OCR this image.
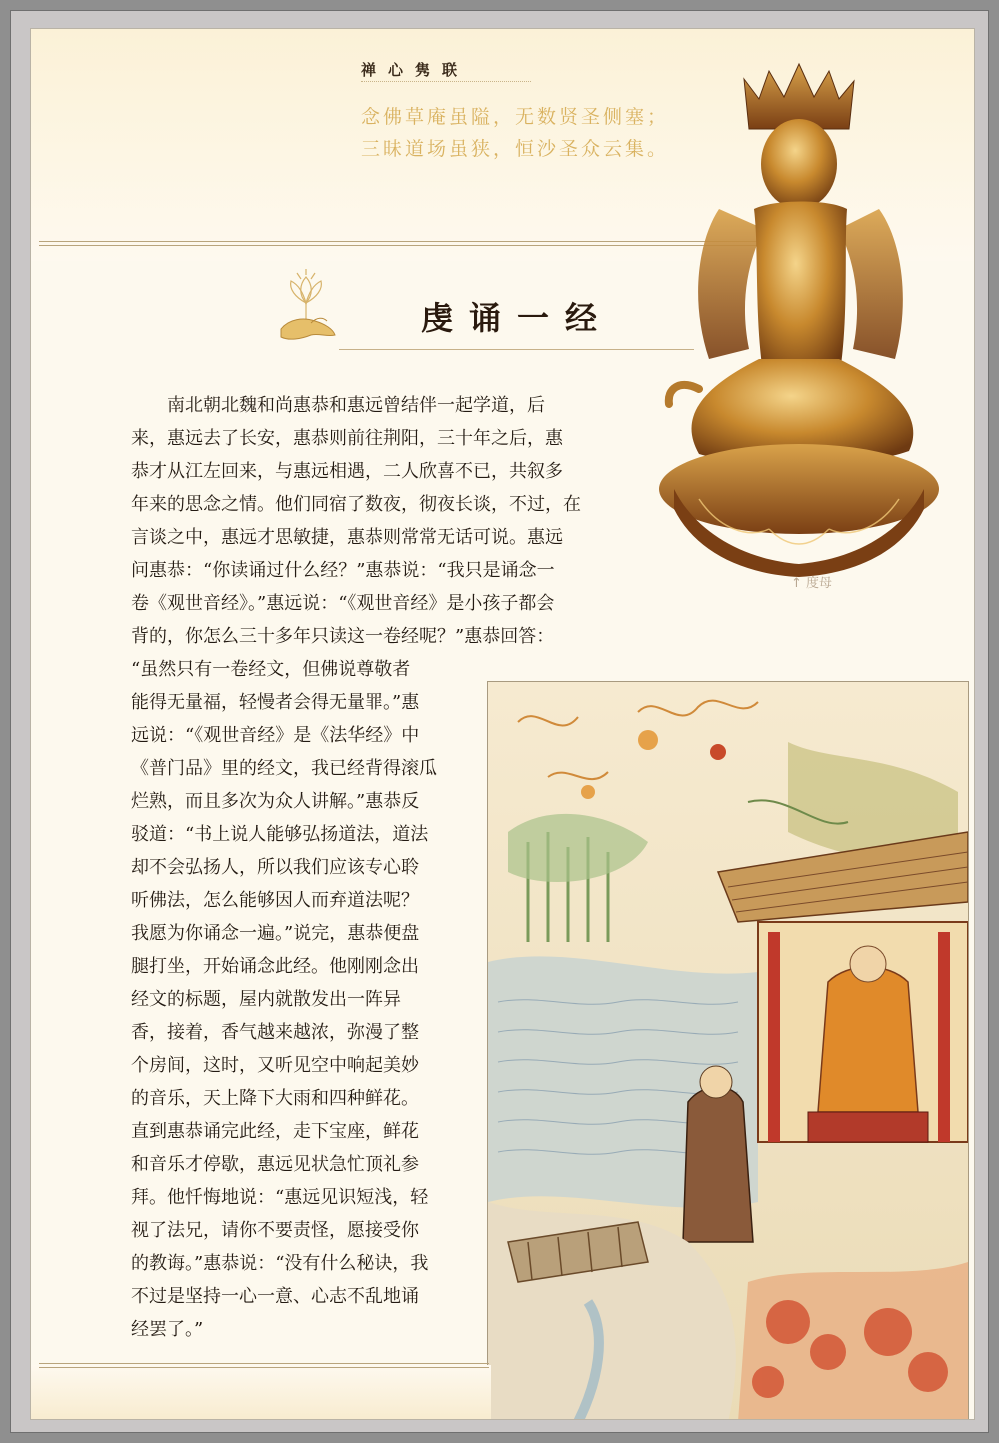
禅心隽联
念佛草庵虽隘，无数贤圣侧塞；
三昧道场虽狭，恒沙圣众云集。
虔诵一经
↑ 度母
　　南北朝北魏和尚惠恭和惠远曾结伴一起学道，后
来，惠远去了长安，惠恭则前往荆阳，三十年之后，惠
恭才从江左回来，与惠远相遇，二人欣喜不已，共叙多
年来的思念之情。他们同宿了数夜，彻夜长谈，不过，在
言谈之中，惠远才思敏捷，惠恭则常常无话可说。惠远
问惠恭：“你读诵过什么经？”惠恭说：“我只是诵念一
卷《观世音经》。”惠远说：“《观世音经》是小孩子都会
背的，你怎么三十多年只读这一卷经呢？”惠恭回答：
“虽然只有一卷经文，但佛说尊敬者
能得无量福，轻慢者会得无量罪。”惠
远说：“《观世音经》是《法华经》中
《普门品》里的经文，我已经背得滚瓜
烂熟，而且多次为众人讲解。”惠恭反
驳道：“书上说人能够弘扬道法，道法
却不会弘扬人，所以我们应该专心聆
听佛法，怎么能够因人而弃道法呢？
我愿为你诵念一遍。”说完，惠恭便盘
腿打坐，开始诵念此经。他刚刚念出
经文的标题，屋内就散发出一阵异
香，接着，香气越来越浓，弥漫了整
个房间，这时，又听见空中响起美妙
的音乐，天上降下大雨和四种鲜花。
直到惠恭诵完此经，走下宝座，鲜花
和音乐才停歇，惠远见状急忙顶礼参
拜。他忏悔地说：“惠远见识短浅，轻
视了法兄，请你不要责怪，愿接受你
的教诲。”惠恭说：“没有什么秘诀，我
不过是坚持一心一意、心志不乱地诵
经罢了。”
